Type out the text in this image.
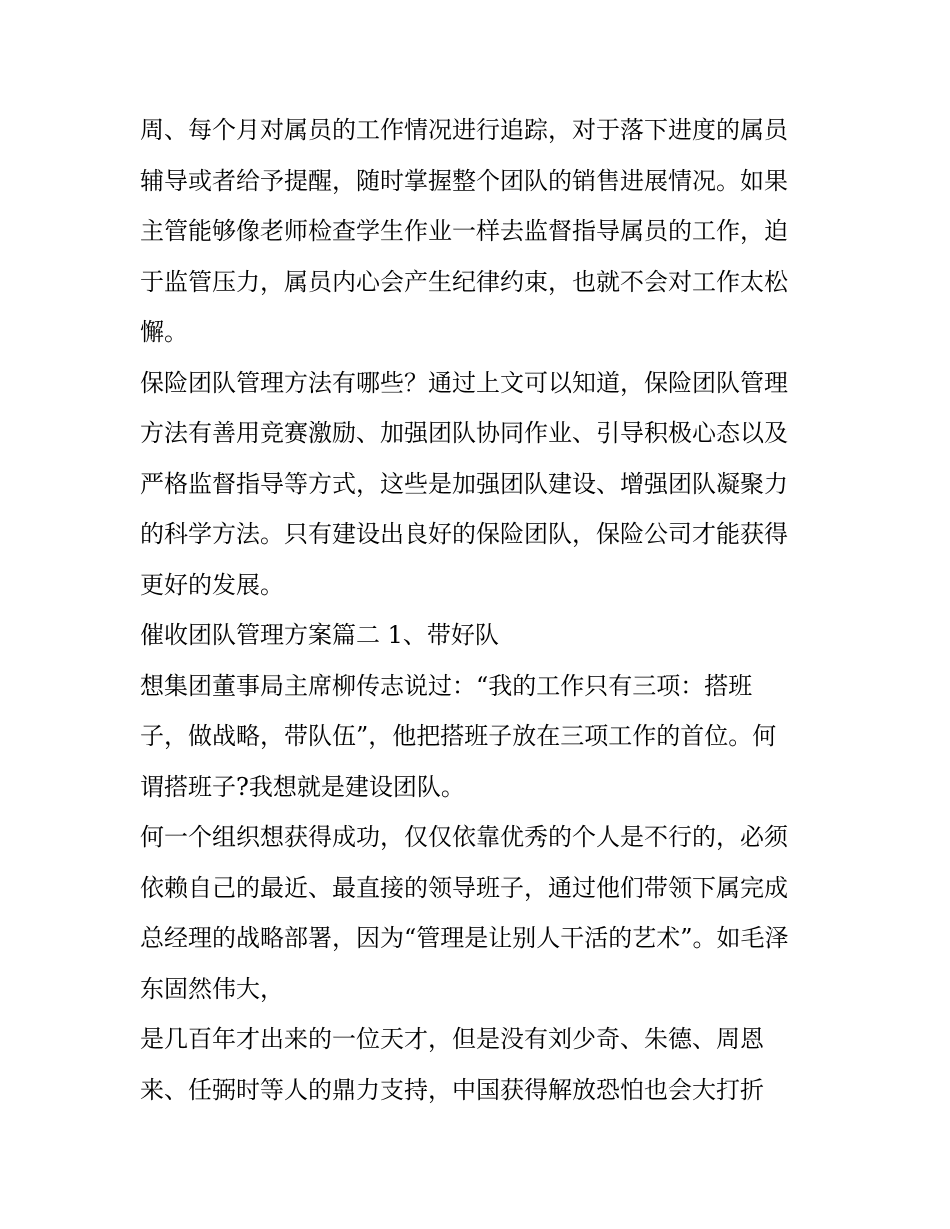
周、每个月对属员的工作情况进行追踪，对于落下进度的属员
辅导或者给予提醒，随时掌握整个团队的销售进展情况。如果
主管能够像老师检查学生作业一样去监督指导属员的工作，迫
于监管压力，属员内心会产生纪律约束，也就不会对工作太松
懈。
保险团队管理方法有哪些？通过上文可以知道，保险团队管理
方法有善用竞赛激励、加强团队协同作业、引导积极心态以及
严格监督指导等方式，这些是加强团队建设、增强团队凝聚力
的科学方法。只有建设出良好的保险团队，保险公司才能获得
更好的发展。
催收团队管理方案篇二 1、带好队
想集团董事局主席柳传志说过：“我的工作只有三项：搭班
子，做战略，带队伍”，他把搭班子放在三项工作的首位。何
谓搭班子?我想就是建设团队。
何一个组织想获得成功，仅仅依靠优秀的个人是不行的，必须
依赖自己的最近、最直接的领导班子，通过他们带领下属完成
总经理的战略部署，因为“管理是让别人干活的艺术”。如毛泽
东固然伟大，
是几百年才出来的一位天才，但是没有刘少奇、朱德、周恩
来、任弼时等人的鼎力支持，中国获得解放恐怕也会大打折
